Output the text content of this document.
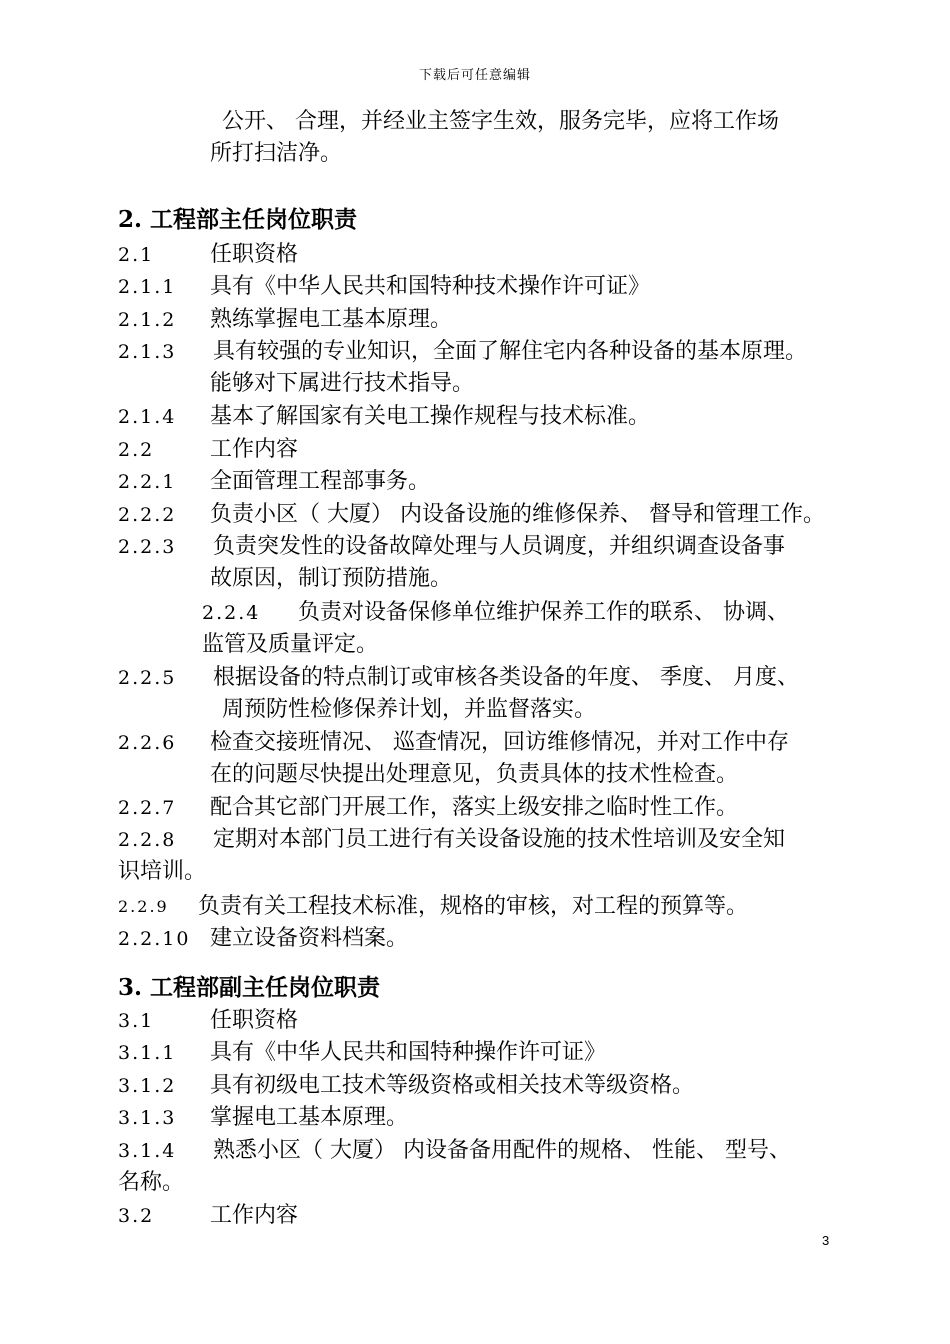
下载后可任意编辑
公开、 合理，并经业主签字生效，服务完毕，应将工作场
所打扫洁净。
2. 工程部主任岗位职责
2.1	任职资格
2.1.1 具有《中华人民共和国特种技术操作许可证》
2.1.2 熟练掌握电工基本原理。
2.1.3 具有较强的专业知识，全面了解住宅内各种设备的基本原理。
能够对下属进行技术指导。
2.1.4 基本了解国家有关电工操作规程与技术标准。
2.2	工作内容
2.2.1 全面管理工程部事务。
2.2.2 负责小区（ 大厦） 内设备设施的维修保养、 督导和管理工作。
2.2.3 负责突发性的设备故障处理与人员调度，并组织调查设备事
故原因，制订预防措施。
2.2.4 负责对设备保修单位维护保养工作的联系、 协调、
监管及质量评定。
2.2.5 根据设备的特点制订或审核各类设备的年度、 季度、 月度、
周预防性检修保养计划，并监督落实。
2.2.6 检查交接班情况、 巡查情况，回访维修情况，并对工作中存
在的问题尽快提出处理意见，负责具体的技术性检查。
2.2.7 配合其它部门开展工作，落实上级安排之临时性工作。
2.2.8 定期对本部门员工进行有关设备设施的技术性培训及安全知
识培训。
2.2.9 负责有关工程技术标准，规格的审核，对工程的预算等。
2.2.10 建立设备资料档案。
3. 工程部副主任岗位职责
3.1	任职资格
3.1.1 具有《中华人民共和国特种操作许可证》
3.1.2 具有初级电工技术等级资格或相关技术等级资格。
3.1.3 掌握电工基本原理。
3.1.4 熟悉小区（ 大厦） 内设备备用配件的规格、 性能、 型号、
名称。
3.2	工作内容
3
